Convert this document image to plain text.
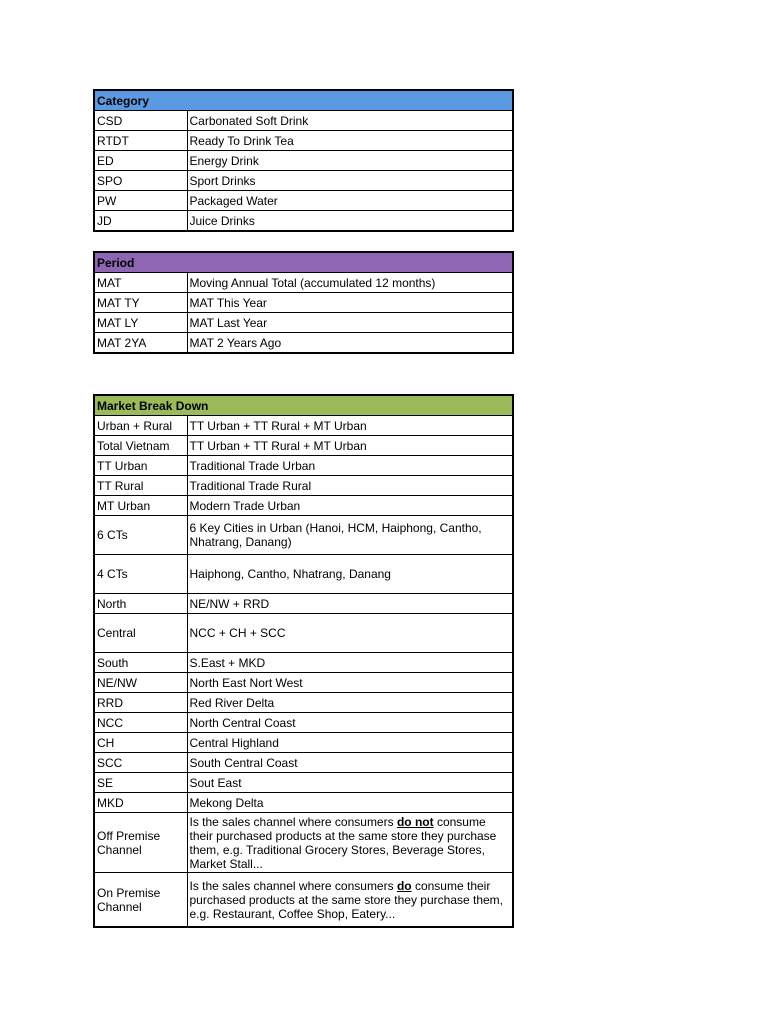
Category	
CSD	Carbonated Soft Drink
RTDT	Ready To Drink Tea
ED	Energy Drink
SPO	Sport Drinks
PW	Packaged Water
JD	Juice Drinks
Period	
MAT	Moving Annual Total (accumulated 12 months)
MAT TY	MAT This Year
MAT LY	MAT Last Year
MAT 2YA	MAT 2 Years Ago
Market Break Down	
Urban + Rural	TT Urban + TT Rural + MT Urban
Total Vietnam	TT Urban + TT Rural + MT Urban
TT Urban	Traditional Trade Urban
TT Rural	Traditional Trade Rural
MT Urban	Modern Trade Urban
6 CTs	6 Key Cities in Urban (Hanoi, HCM, Haiphong, Cantho, Nhatrang, Danang)
4 CTs	Haiphong, Cantho, Nhatrang, Danang
North	NE/NW + RRD
Central	NCC + CH + SCC
South	S.East + MKD
NE/NW	North East Nort West
RRD	Red River Delta
NCC	North Central Coast
CH	Central Highland
SCC	South Central Coast
SE	Sout East
MKD	Mekong Delta
Off Premise Channel	Is the sales channel where consumers do not consume their purchased products at the same store they purchase them, e.g. Traditional Grocery Stores, Beverage Stores, Market Stall...
On Premise Channel	Is the sales channel where consumers do consume their purchased products at the same store they purchase them, e.g. Restaurant, Coffee Shop, Eatery...
